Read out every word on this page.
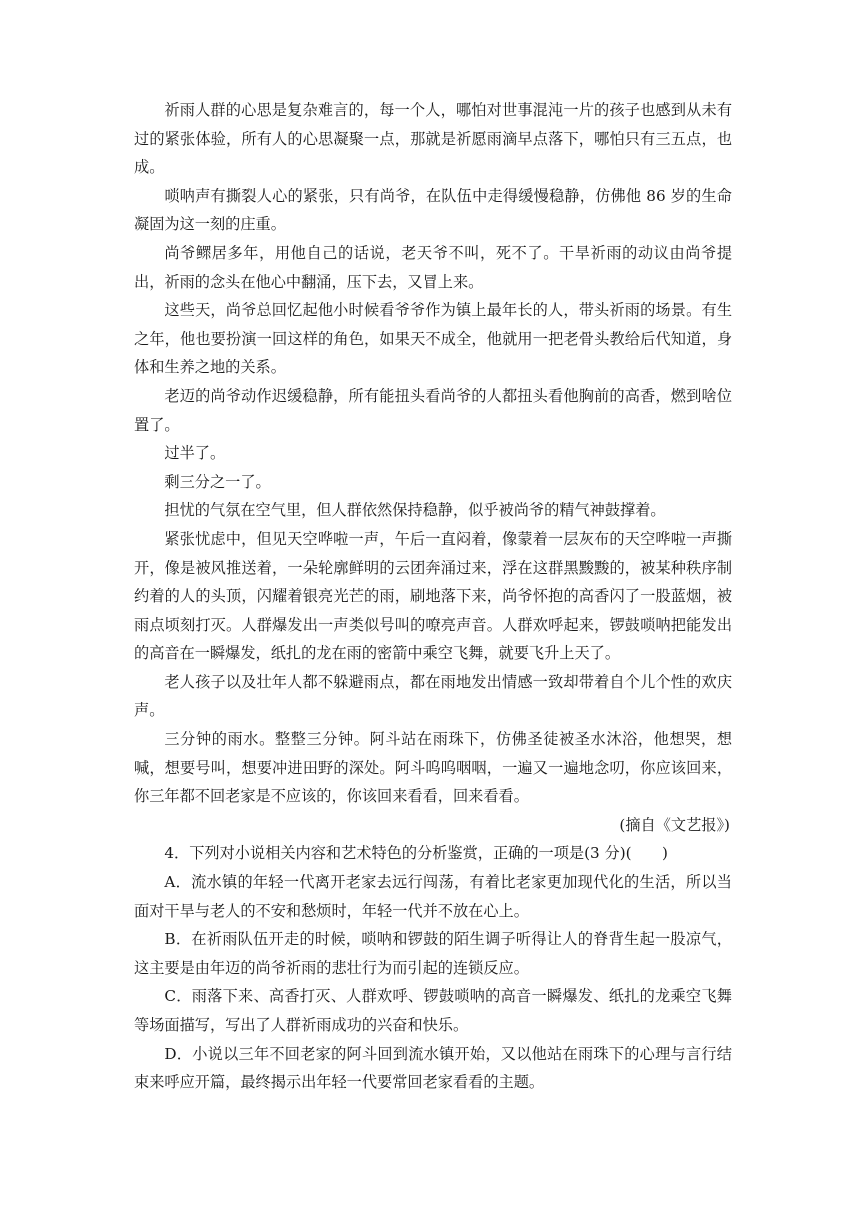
祈雨人群的心思是复杂难言的，每一个人，哪怕对世事混沌一片的孩子也感到从未有过的紧张体验，所有人的心思凝聚一点，那就是祈愿雨滴早点落下，哪怕只有三五点，也成。

唢呐声有撕裂人心的紧张，只有尚爷，在队伍中走得缓慢稳静，仿佛他 86 岁的生命凝固为这一刻的庄重。

尚爷鳏居多年，用他自己的话说，老天爷不叫，死不了。干旱祈雨的动议由尚爷提出，祈雨的念头在他心中翻涌，压下去，又冒上来。

这些天，尚爷总回忆起他小时候看爷爷作为镇上最年长的人，带头祈雨的场景。有生之年，他也要扮演一回这样的角色，如果天不成全，他就用一把老骨头教给后代知道，身体和生养之地的关系。

老迈的尚爷动作迟缓稳静，所有能扭头看尚爷的人都扭头看他胸前的高香，燃到啥位置了。

过半了。

剩三分之一了。

担忧的气氛在空气里，但人群依然保持稳静，似乎被尚爷的精气神鼓撑着。

紧张忧虑中，但见天空哗啦一声，午后一直闷着，像蒙着一层灰布的天空哗啦一声撕开，像是被风推送着，一朵轮廓鲜明的云团奔涌过来，浮在这群黑黢黢的，被某种秩序制约着的人的头顶，闪耀着银亮光芒的雨，刷地落下来，尚爷怀抱的高香闪了一股蓝烟，被雨点顷刻打灭。人群爆发出一声类似号叫的嘹亮声音。人群欢呼起来，锣鼓唢呐把能发出的高音在一瞬爆发，纸扎的龙在雨的密箭中乘空飞舞，就要飞升上天了。

老人孩子以及壮年人都不躲避雨点，都在雨地发出情感一致却带着自个儿个性的欢庆声。

三分钟的雨水。整整三分钟。阿斗站在雨珠下，仿佛圣徒被圣水沐浴，他想哭，想喊，想要号叫，想要冲进田野的深处。阿斗呜呜咽咽，一遍又一遍地念叨，你应该回来，你三年都不回老家是不应该的，你该回来看看，回来看看。

(摘自《文艺报》)

4．下列对小说相关内容和艺术特色的分析鉴赏，正确的一项是(3 分)(　　)

A．流水镇的年轻一代离开老家去远行闯荡，有着比老家更加现代化的生活，所以当面对干旱与老人的不安和愁烦时，年轻一代并不放在心上。

B．在祈雨队伍开走的时候，唢呐和锣鼓的陌生调子听得让人的脊背生起一股凉气，这主要是由年迈的尚爷祈雨的悲壮行为而引起的连锁反应。

C．雨落下来、高香打灭、人群欢呼、锣鼓唢呐的高音一瞬爆发、纸扎的龙乘空飞舞等场面描写，写出了人群祈雨成功的兴奋和快乐。

D．小说以三年不回老家的阿斗回到流水镇开始，又以他站在雨珠下的心理与言行结束来呼应开篇，最终揭示出年轻一代要常回老家看看的主题。
